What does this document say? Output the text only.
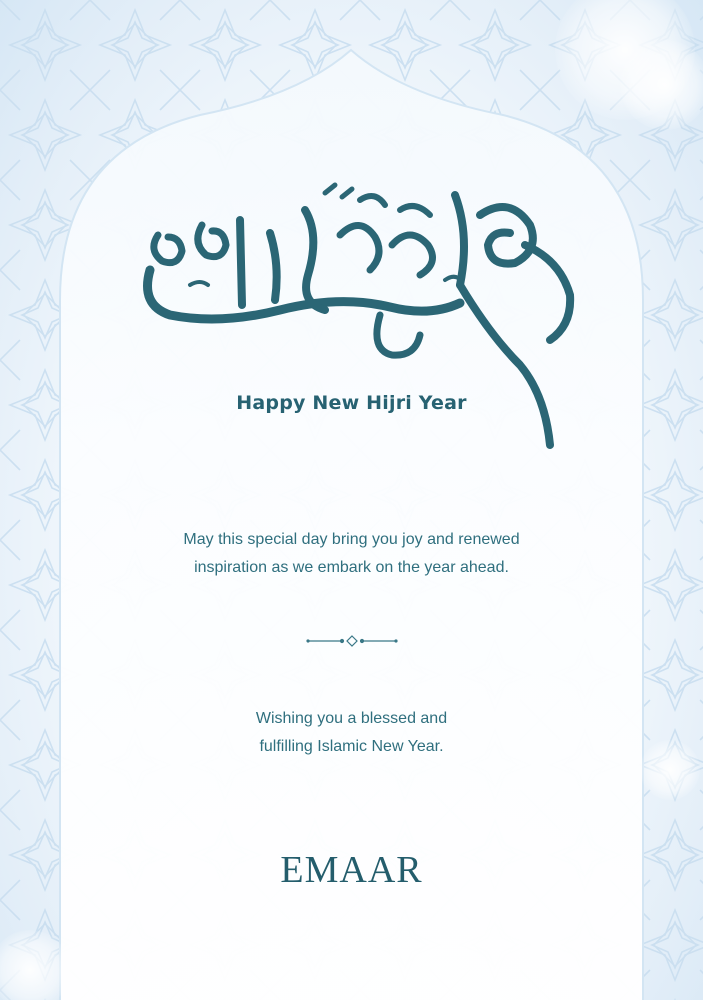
Happy New Hijri Year
May this special day bring you joy and renewed
inspiration as we embark on the year ahead.
Wishing you a blessed and
fulfilling Islamic New Year.
EMAAR
